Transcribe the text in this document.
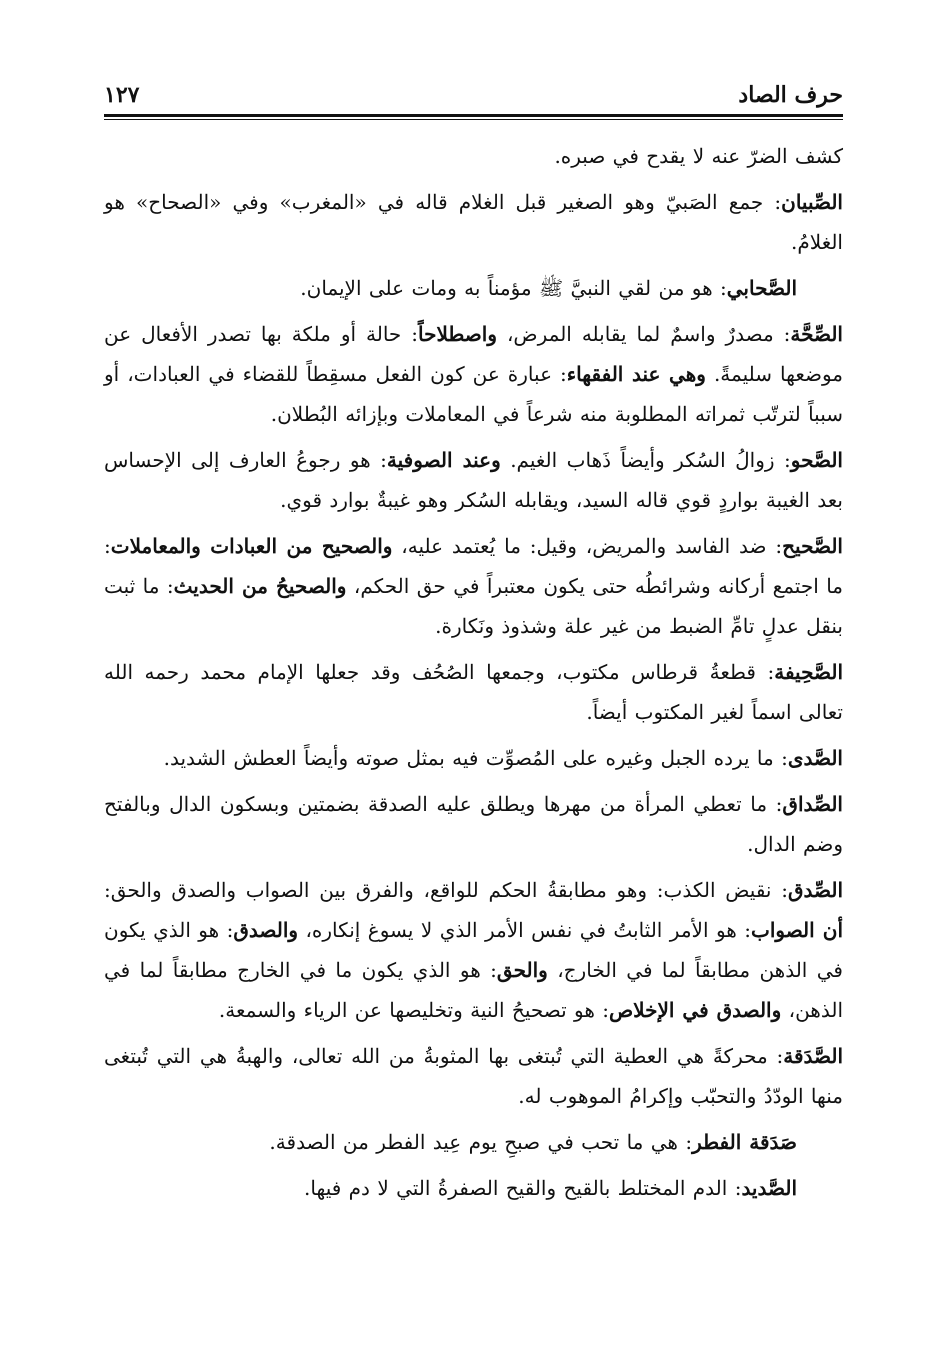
حرف الصاد
١٢٧

كشف الضرّ عنه لا يقدح في صبره.

الصِّبيان: جمع الصَبيّ وهو الصغير قبل الغلام قاله في «المغرب» وفي «الصحاح» هو الغلامُ.

الصَّحابي: هو من لقي النبيَّ ﷺ مؤمناً به ومات على الإيمان.

الصِّحَّة: مصدرٌ واسمٌ لما يقابله المرض، واصطلاحاً: حالة أو ملكة بها تصدر الأفعال عن موضعها سليمةً. وهي عند الفقهاء: عبارة عن كون الفعل مسقِطاً للقضاء في العبادات، أو سبباً لترتّب ثمراته المطلوبة منه شرعاً في المعاملات وبإزائه البُطلان.

الصَّحو: زوالُ السُكر وأيضاً ذَهاب الغيم. وعند الصوفية: هو رجوعُ العارف إلى الإحساس بعد الغيبة بواردٍ قوي قاله السيد، ويقابله السُكر وهو غيبةٌ بوارد قوي.

الصَّحيح: ضد الفاسد والمريض، وقيل: ما يُعتمد عليه، والصحيح من العبادات والمعاملات: ما اجتمع أركانه وشرائطُه حتى يكون معتبراً في حق الحكم، والصحيحُ من الحديث: ما ثبت بنقل عدلٍ تامِّ الضبط من غير علة وشذوذ ونَكارة.

الصَّحِيفة: قطعةُ قرطاس مكتوب، وجمعها الصُحُف وقد جعلها الإمام محمد رحمه الله تعالى اسماً لغير المكتوب أيضاً.

الصَّدى: ما يرده الجبل وغيره على المُصوِّت فيه بمثل صوته وأيضاً العطش الشديد.

الصِّداق: ما تعطي المرأة من مهرها ويطلق عليه الصدقة بضمتين وبسكون الدال وبالفتح وضم الدال.

الصِّدق: نقيض الكذب: وهو مطابقةُ الحكم للواقع، والفرق بين الصواب والصدق والحق: أن الصواب: هو الأمر الثابتُ في نفس الأمر الذي لا يسوغ إنكاره، والصدق: هو الذي يكون في الذهن مطابقاً لما في الخارج، والحق: هو الذي يكون ما في الخارج مطابقاً لما في الذهن، والصدق في الإخلاص: هو تصحيحُ النية وتخليصها عن الرياء والسمعة.

الصَّدَقة: محركةً هي العطية التي تُبتغى بها المثوبةُ من الله تعالى، والهبةُ هي التي تُبتغى منها الودّدُ والتحبّب وإكرامُ الموهوب له.

صَدَقة الفطر: هي ما تحب في صبحِ يوم عِيد الفطر من الصدقة.

الصَّديد: الدم المختلط بالقيح والقيح الصفرةُ التي لا دم فيها.
